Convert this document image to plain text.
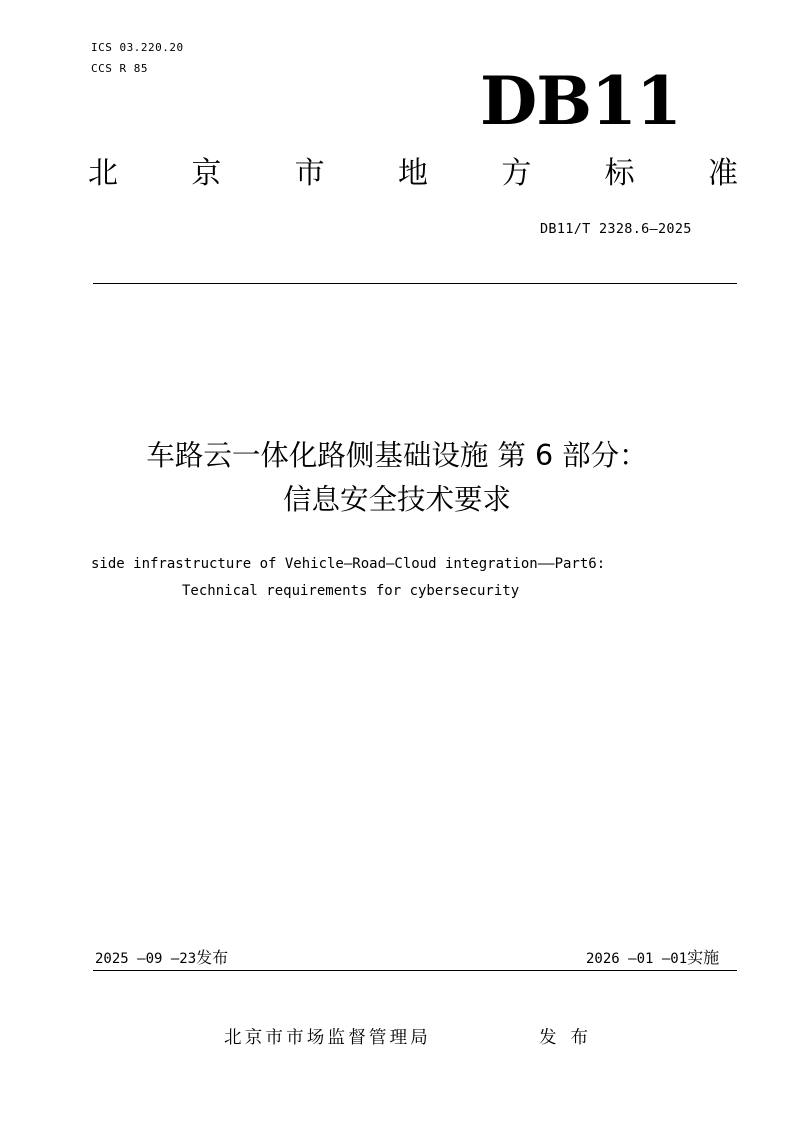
ICS 03.220.20
CCS R 85	DB11
北 京 市 地 方 标 准
DB11/T 2328.6—2025
车路云一体化路侧基础设施 第 6 部分：
信息安全技术要求
side infrastructure of Vehicle—Road—Cloud integration——Part6:
Technical requirements for cybersecurity
2025 —09 —23发布	2026 —01 —01实施
北京市市场监督管理局	发布
